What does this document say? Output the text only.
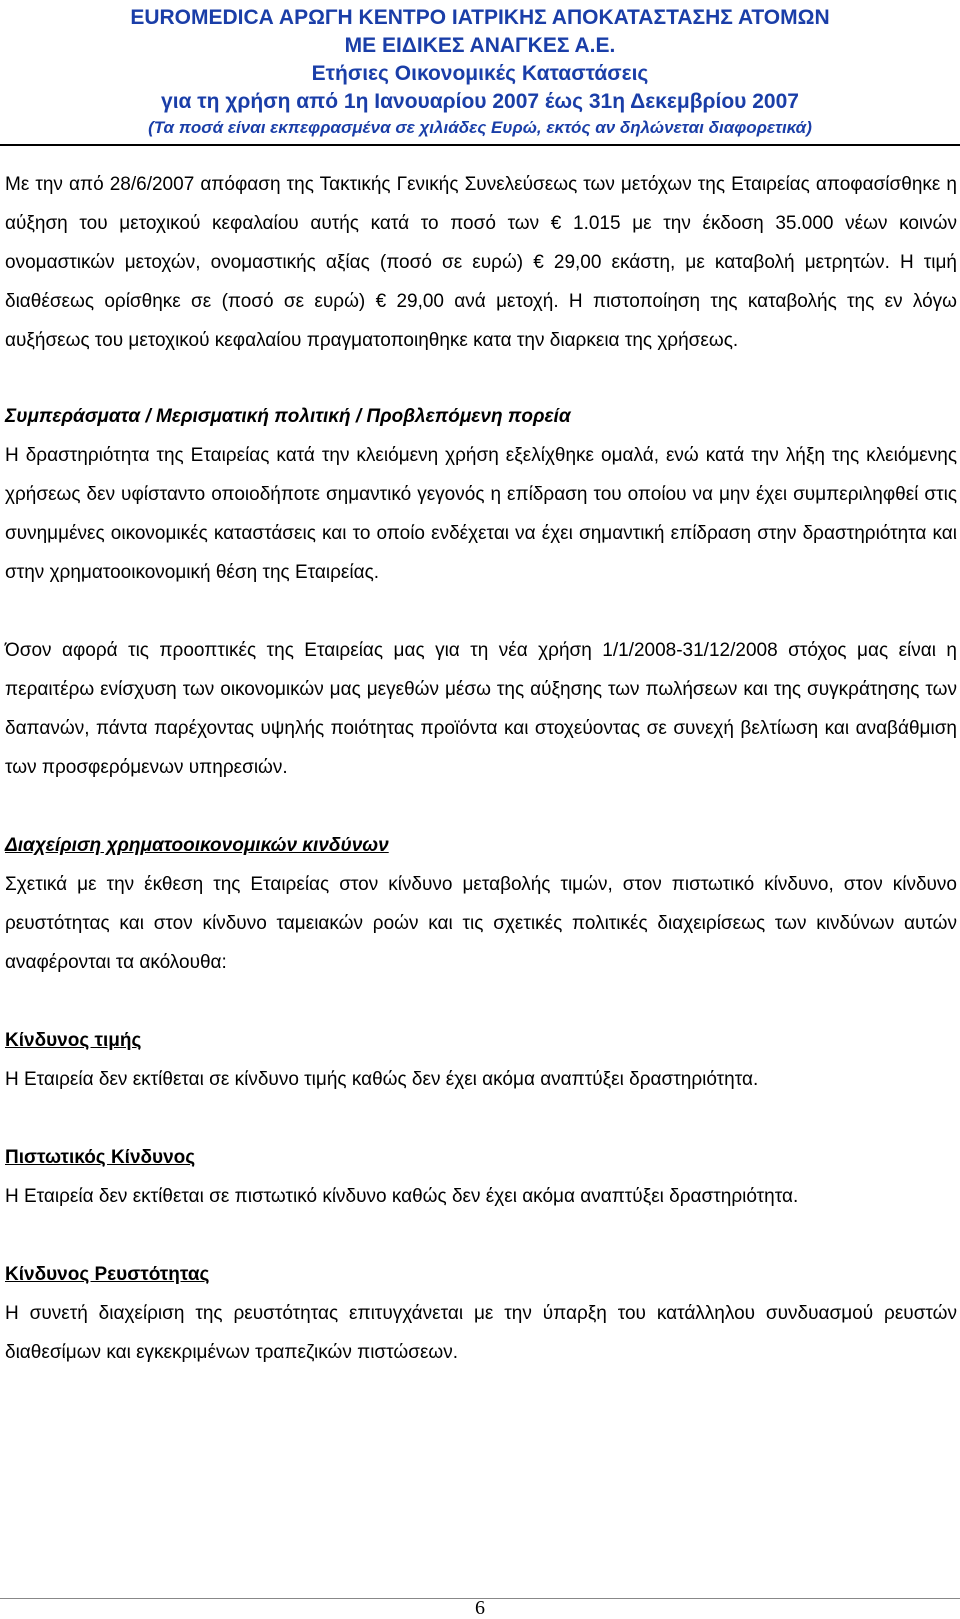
EUROMEDICA ΑΡΩΓΗ ΚΕΝΤΡΟ ΙΑΤΡΙΚΗΣ ΑΠΟΚΑΤΑΣΤΑΣΗΣ ΑΤΟΜΩΝ
ΜΕ ΕΙΔΙΚΕΣ ΑΝΑΓΚΕΣ Α.Ε.
Ετήσιες Οικονομικές Καταστάσεις
για τη χρήση από 1η Ιανουαρίου 2007 έως 31η Δεκεμβρίου 2007
(Τα ποσά είναι εκπεφρασμένα σε χιλιάδες Ευρώ, εκτός αν δηλώνεται διαφορετικά)

Με την από 28/6/2007 απόφαση της Τακτικής Γενικής Συνελεύσεως των μετόχων της Εταιρείας αποφασίσθηκε η αύξηση του μετοχικού κεφαλαίου αυτής κατά το ποσό των € 1.015 με την έκδοση 35.000 νέων κοινών ονομαστικών μετοχών, ονομαστικής αξίας (ποσό σε ευρώ) € 29,00 εκάστη, με καταβολή μετρητών. Η τιμή διαθέσεως ορίσθηκε σε (ποσό σε ευρώ) € 29,00 ανά μετοχή. Η πιστοποίηση της καταβολής της εν λόγω αυξήσεως του μετοχικού κεφαλαίου πραγματοποιηθηκε κατα την διαρκεια της χρήσεως.

Συμπεράσματα / Μερισματική πολιτική / Προβλεπόμενη πορεία

Η δραστηριότητα της Εταιρείας κατά την κλειόμενη χρήση εξελίχθηκε ομαλά, ενώ κατά την λήξη της κλειόμενης χρήσεως δεν υφίσταντο οποιοδήποτε σημαντικό γεγονός η επίδραση του οποίου να μην έχει συμπεριληφθεί στις συνημμένες οικονομικές καταστάσεις και το οποίο ενδέχεται να έχει σημαντική επίδραση στην δραστηριότητα και στην χρηματοοικονομική θέση της Εταιρείας.

Όσον αφορά τις προοπτικές της Εταιρείας μας για τη νέα χρήση 1/1/2008-31/12/2008 στόχος μας είναι η περαιτέρω ενίσχυση των οικονομικών μας μεγεθών μέσω της αύξησης των πωλήσεων και της συγκράτησης των δαπανών, πάντα παρέχοντας υψηλής ποιότητας προϊόντα και στοχεύοντας σε συνεχή βελτίωση και αναβάθμιση των προσφερόμενων υπηρεσιών.

Διαχείριση χρηματοοικονομικών κινδύνων

Σχετικά με την έκθεση της Εταιρείας στον κίνδυνο μεταβολής τιμών, στον πιστωτικό κίνδυνο, στον κίνδυνο ρευστότητας και στον κίνδυνο ταμειακών ροών και τις σχετικές πολιτικές διαχειρίσεως των κινδύνων αυτών αναφέρονται τα ακόλουθα:

Κίνδυνος τιμής

Η Εταιρεία δεν εκτίθεται σε κίνδυνο τιμής καθώς δεν έχει ακόμα αναπτύξει δραστηριότητα.

Πιστωτικός Κίνδυνος

Η Εταιρεία δεν εκτίθεται σε πιστωτικό κίνδυνο καθώς δεν έχει ακόμα αναπτύξει δραστηριότητα.

Κίνδυνος Ρευστότητας

Η συνετή διαχείριση της ρευστότητας επιτυγχάνεται με την ύπαρξη του κατάλληλου συνδυασμού ρευστών διαθεσίμων και εγκεκριμένων τραπεζικών πιστώσεων.

6
